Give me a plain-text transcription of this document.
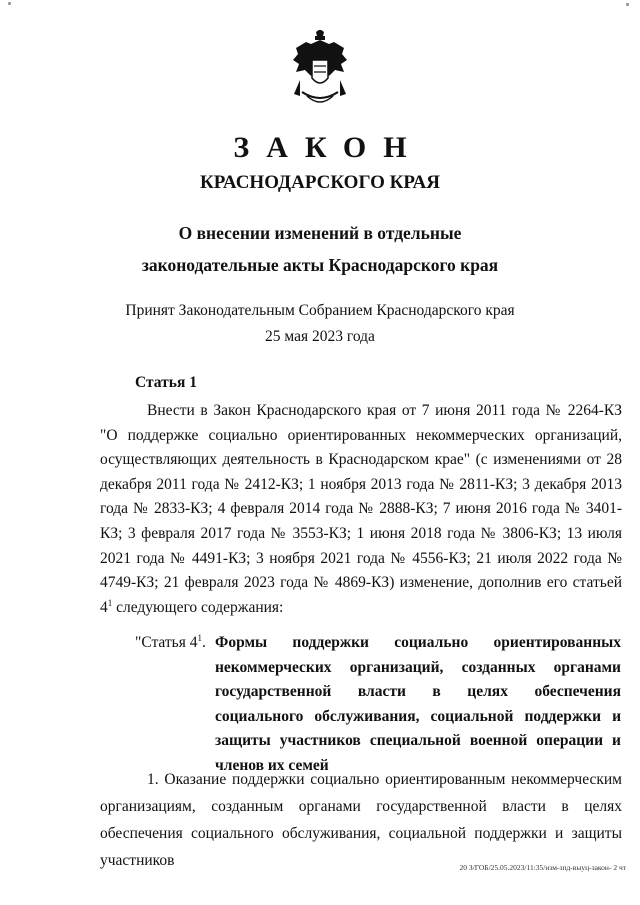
ЗАКОН
КРАСНОДАРСКОГО КРАЯ
О внесении изменений в отдельные
законодательные акты Краснодарского края
Принят Законодательным Собранием Краснодарского края
25 мая 2023 года
Статья 1

Внести в Закон Краснодарского края от 7 июня 2011 года № 2264-КЗ "О поддержке социально ориентированных некоммерческих организаций, осуществляющих деятельность в Краснодарском крае" (с изменениями от 28 декабря 2011 года № 2412-КЗ; 1 ноября 2013 года № 2811-КЗ; 3 декабря 2013 года № 2833-КЗ; 4 февраля 2014 года № 2888-КЗ; 7 июня 2016 года № 3401-КЗ; 3 февраля 2017 года № 3553-КЗ; 1 июня 2018 года № 3806-КЗ; 13 июля 2021 года № 4491-КЗ; 3 ноября 2021 года № 4556-КЗ; 21 июля 2022 года № 4749-КЗ; 21 февраля 2023 года № 4869-КЗ) изменение, дополнив его статьей $4^1$ следующего содержания:

"Статья $4^1$. Формы поддержки социально ориентированных некоммерческих организаций, созданных органами государственной власти в целях обеспечения социального обслуживания, социальной поддержки и защиты участников специальной военной операции и членов их семей

1. Оказание поддержки социально ориентированным некоммерческим организациям, созданным органами государственной власти в целях обеспечения социального обслуживания, социальной поддержки и защиты участников	20 З/ГОБ/25.05.2023/11:35/изм-зпд-выуц-закон- 2 чт
